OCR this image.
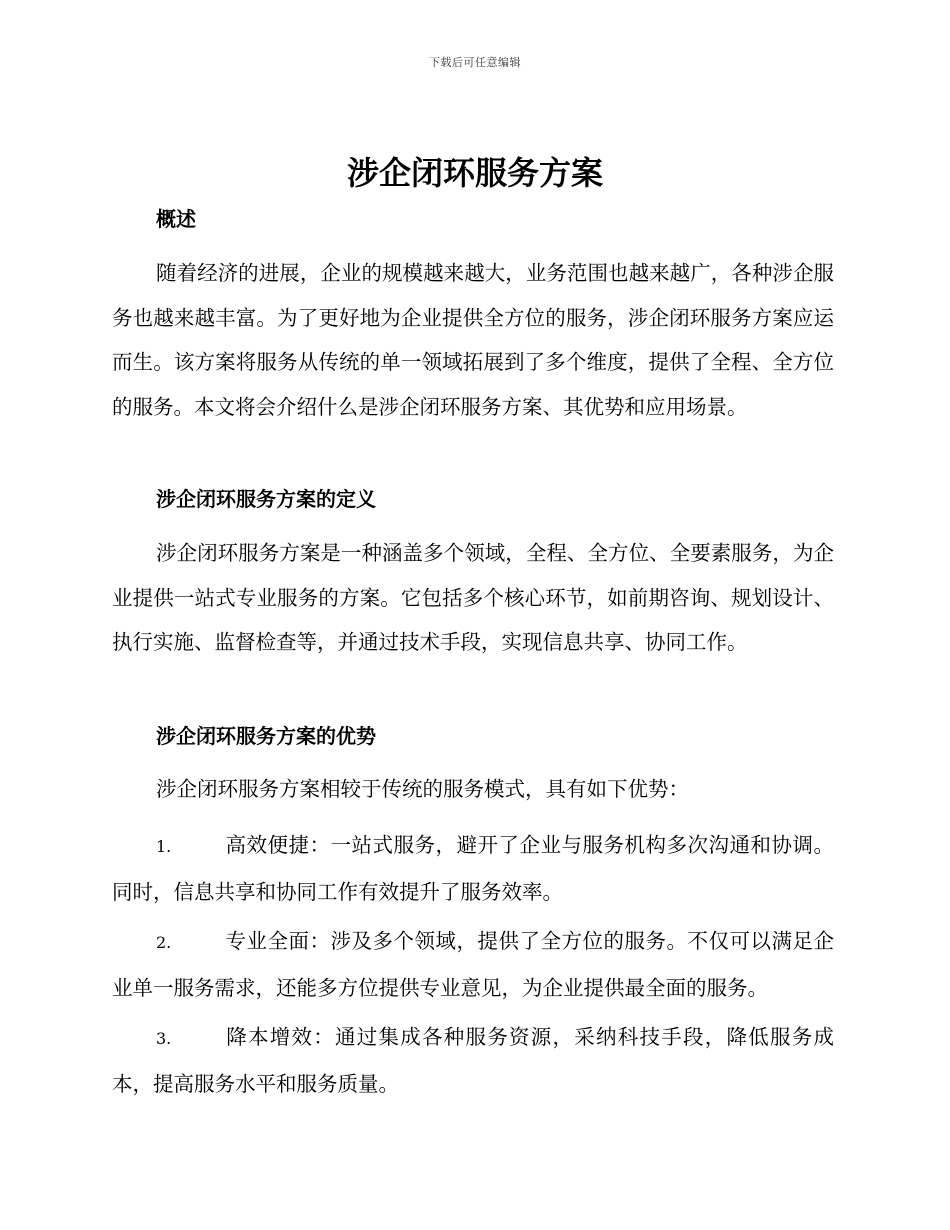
下载后可任意编辑
涉企闭环服务方案
概述

随着经济的进展，企业的规模越来越大，业务范围也越来越广，各种涉企服务也越来越丰富。为了更好地为企业提供全方位的服务，涉企闭环服务方案应运而生。该方案将服务从传统的单一领域拓展到了多个维度，提供了全程、全方位的服务。本文将会介绍什么是涉企闭环服务方案、其优势和应用场景。

涉企闭环服务方案的定义

涉企闭环服务方案是一种涵盖多个领域，全程、全方位、全要素服务，为企业提供一站式专业服务的方案。它包括多个核心环节，如前期咨询、规划设计、执行实施、监督检查等，并通过技术手段，实现信息共享、协同工作。

涉企闭环服务方案的优势

涉企闭环服务方案相较于传统的服务模式，具有如下优势：

1.	高效便捷：一站式服务，避开了企业与服务机构多次沟通和协调。同时，信息共享和协同工作有效提升了服务效率。

2.	专业全面：涉及多个领域，提供了全方位的服务。不仅可以满足企业单一服务需求，还能多方位提供专业意见，为企业提供最全面的服务。

3.	降本增效：通过集成各种服务资源，采纳科技手段，降低服务成本，提高服务水平和服务质量。
